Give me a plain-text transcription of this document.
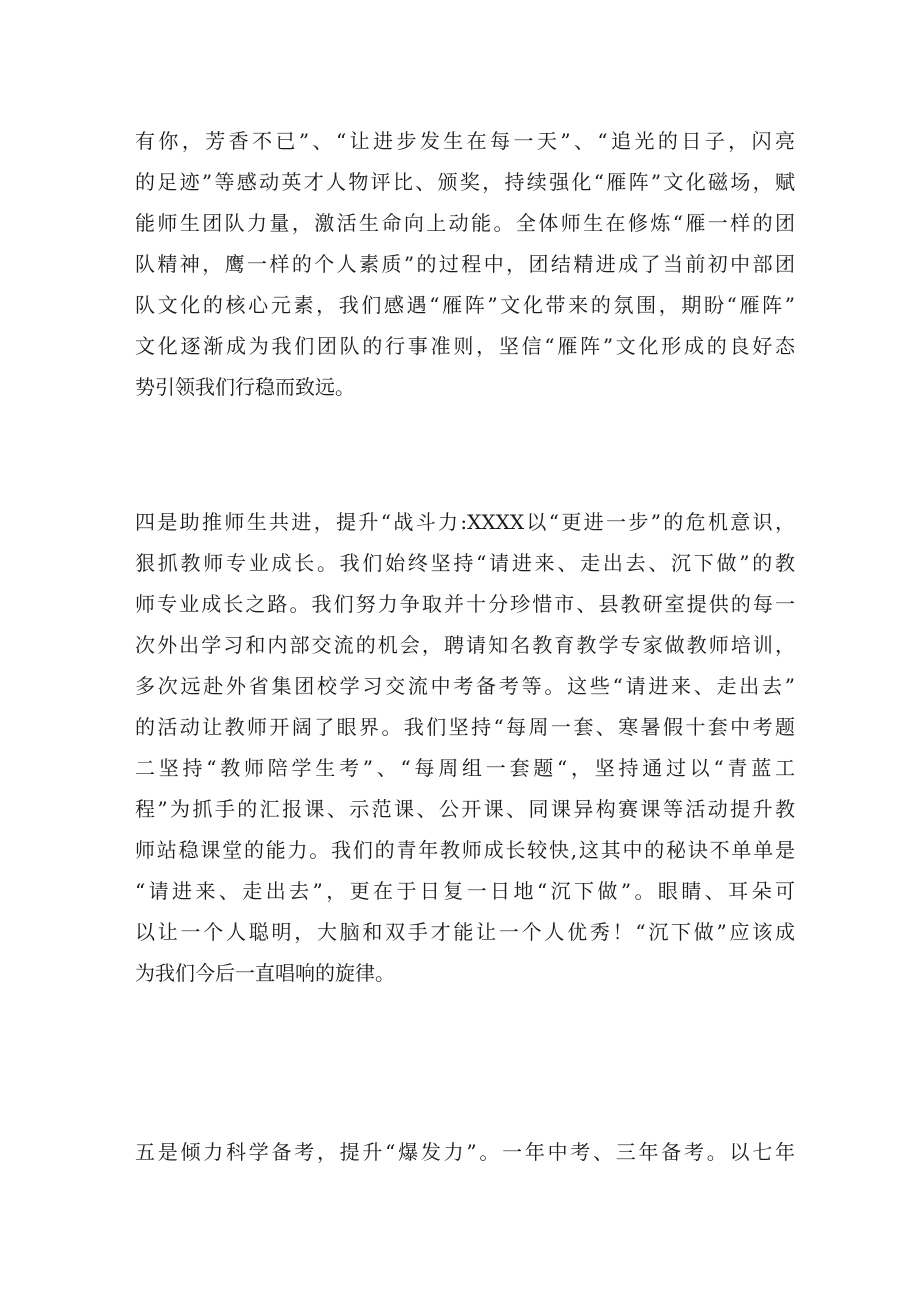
有你，芳香不已”、“让进步发生在每一天”、“追光的日子，闪亮
的足迹”等感动英才人物评比、颁奖，持续强化“雁阵”文化磁场，赋
能师生团队力量，激活生命向上动能。全体师生在修炼“雁一样的团
队精神，鹰一样的个人素质”的过程中，团结精进成了当前初中部团
队文化的核心元素，我们感遇“雁阵”文化带来的氛围，期盼“雁阵”
文化逐渐成为我们团队的行事准则，坚信“雁阵”文化形成的良好态
势引领我们行稳而致远。
四是助推师生共进，提升“战斗力:XXXX以“更进一步”的危机意识，
狠抓教师专业成长。我们始终坚持“请进来、走出去、沉下做”的教
师专业成长之路。我们努力争取并十分珍惜市、县教研室提供的每一
次外出学习和内部交流的机会，聘请知名教育教学专家做教师培训，
多次远赴外省集团校学习交流中考备考等。这些“请进来、走出去”
的活动让教师开阔了眼界。我们坚持“每周一套、寒暑假十套中考题
二坚持“教师陪学生考”、“每周组一套题“，坚持通过以“青蓝工
程”为抓手的汇报课、示范课、公开课、同课异构赛课等活动提升教
师站稳课堂的能力。我们的青年教师成长较快,这其中的秘诀不单单是
“请进来、走出去”，更在于日复一日地“沉下做”。眼睛、耳朵可
以让一个人聪明，大脑和双手才能让一个人优秀！“沉下做”应该成
为我们今后一直唱响的旋律。
五是倾力科学备考，提升“爆发力”。一年中考、三年备考。以七年
